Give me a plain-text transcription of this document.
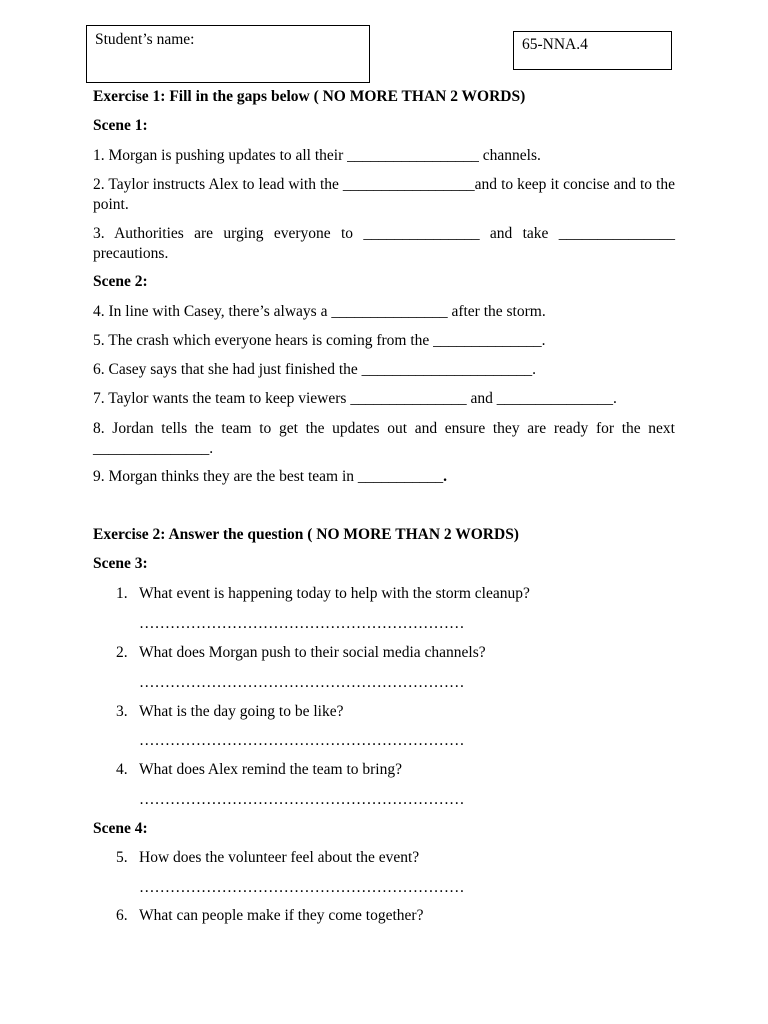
Student’s name:	65-NNA.4
Exercise 1: Fill in the gaps below ( NO MORE THAN 2 WORDS)
Scene 1:
1. Morgan is pushing updates to all their _________________ channels.
2. Taylor instructs Alex to lead with the _________________and to keep it concise and to the point.
3. Authorities are urging everyone to _______________ and take _______________ precautions.
Scene 2:
4. In line with Casey, there’s always a _______________ after the storm.
5. The crash which everyone hears is coming from the ______________.
6. Casey says that she had just finished the ______________________.
7. Taylor wants the team to keep viewers _______________ and _______________.
8. Jordan tells the team to get the updates out and ensure they are ready for the next _______________.
9. Morgan thinks they are the best team in ___________.
Exercise 2: Answer the question ( NO MORE THAN 2 WORDS)
Scene 3:
1. What event is happening today to help with the storm cleanup?
………………………………………………………
2. What does Morgan push to their social media channels?
………………………………………………………
3. What is the day going to be like?
………………………………………………………
4. What does Alex remind the team to bring?
………………………………………………………
Scene 4:
5. How does the volunteer feel about the event?
………………………………………………………
6. What can people make if they come together?
